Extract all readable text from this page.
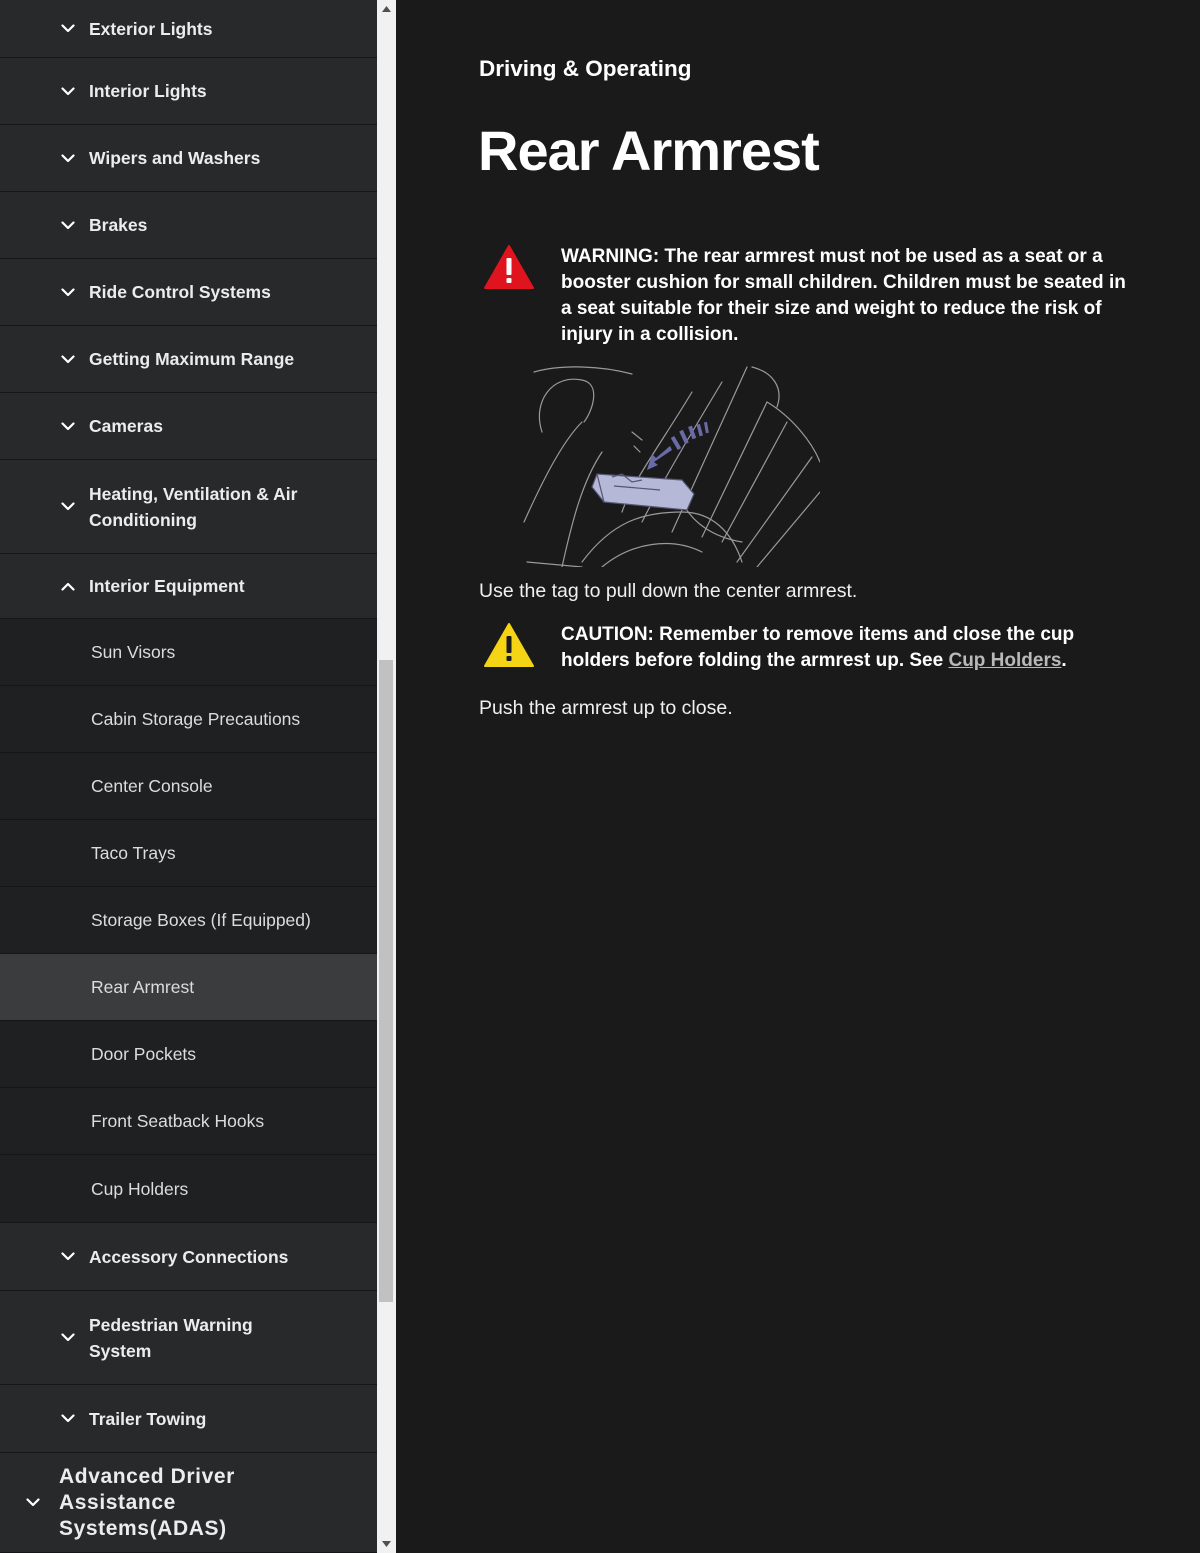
Exterior Lights
Interior Lights
Wipers and Washers
Brakes
Ride Control Systems
Getting Maximum Range
Cameras
Heating, Ventilation & Air Conditioning
Interior Equipment
Sun Visors
Cabin Storage Precautions
Center Console
Taco Trays
Storage Boxes (If Equipped)
Rear Armrest
Door Pockets
Front Seatback Hooks
Cup Holders
Accessory Connections
Pedestrian Warning System
Trailer Towing
Advanced Driver Assistance Systems(ADAS)
Driving & Operating
Rear Armrest
WARNING: The rear armrest must not be used as a seat or a booster cushion for small children. Children must be seated in a seat suitable for their size and weight to reduce the risk of injury in a collision.
Use the tag to pull down the center armrest.
CAUTION: Remember to remove items and close the cup holders before folding the armrest up. See Cup Holders.
Push the armrest up to close.
